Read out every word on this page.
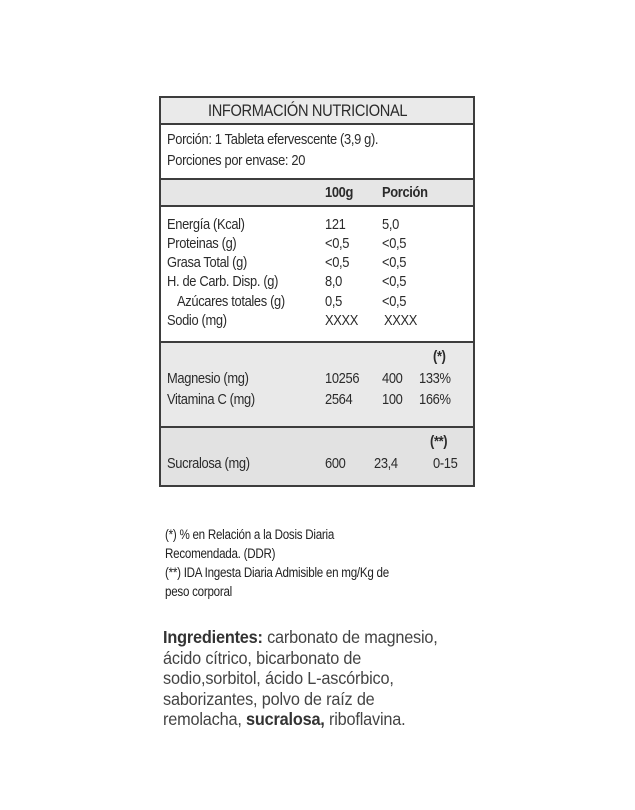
INFORMACIÓN NUTRICIONAL
Porción: 1 Tableta efervescente (3,9 g).
Porciones por envase: 20
100g Porción
Energía (Kcal)	121 5,0
Proteinas (g)	<0,5 <0,5
Grasa Total (g)	<0,5 <0,5
H. de Carb. Disp. (g)	8,0	<0,5
Azúcares totales (g)	0,5	<0,5
Sodio (mg)	XXXX XXXX
(*)
Magnesio (mg)	10256 400 133%
Vitamina C (mg)	2564 100 166%
(**)
Sucralosa (mg)	600 23,4 0-15
(*) % en Relación a la Dosis Diaria
Recomendada. (DDR)
(**) IDA Ingesta Diaria Admisible en mg/Kg de
peso corporal
Ingredientes: carbonato de magnesio,
ácido cítrico, bicarbonato de
sodio,sorbitol, ácido L-ascórbico,
saborizantes, polvo de raíz de
remolacha, sucralosa, riboflavina.
